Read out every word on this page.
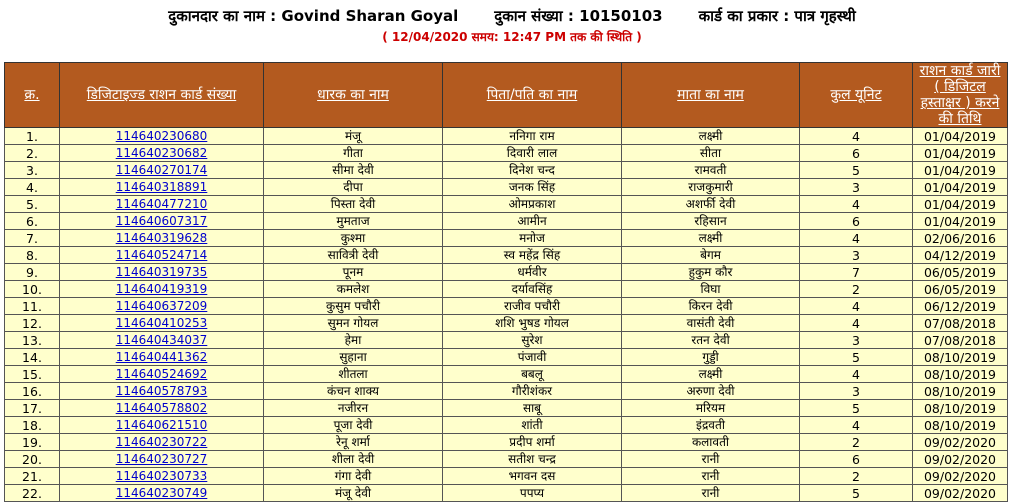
दुकानदार का नाम : Govind Sharan Goyal दुकान संख्या : 10150103 कार्ड का प्रकार : पात्र गृहस्थी
( 12/04/2020 समय: 12:47 PM तक की स्थिति )
क्र.	डिजिटाइज्ड राशन कार्ड संख्या	धारक का नाम	पिता/पति का नाम	माता का नाम	कुल यूनिट	राशन कार्ड जारी ( डिजिटल हस्ताक्षर ) करने की तिथि
1.	114640230680	मंजू	ननिगा राम	लक्ष्मी	4	01/04/2019
2.	114640230682	गीता	दिवारी लाल	सीता	6	01/04/2019
3.	114640270174	सीमा देवी	दिनेश चन्द	रामवती	5	01/04/2019
4.	114640318891	दीपा	जनक सिंह	राजकुमारी	3	01/04/2019
5.	114640477210	पिस्ता देवी	ओमप्रकाश	अशर्फी देवी	4	01/04/2019
6.	114640607317	मुमताज	आमीन	रहिसान	6	01/04/2019
7.	114640319628	कुश्मा	मनोज	लक्ष्मी	4	02/06/2016
8.	114640524714	सावित्री देवी	स्व महेंद्र सिंह	बेगम	3	04/12/2019
9.	114640319735	पूनम	धर्मवीर	हुकुम कौर	7	06/05/2019
10.	114640419319	कमलेश	दर्यावसिंह	विघा	2	06/05/2019
11.	114640637209	कुसुम पचौरी	राजीव पचौरी	किरन देवी	4	06/12/2019
12.	114640410253	सुमन गोयल	शशि भुषड गोयल	वासंती देवी	4	07/08/2018
13.	114640434037	हेमा	सुरेश	रतन देवी	3	07/08/2018
14.	114640441362	सुहाना	पंजावी	गुड्डी	5	08/10/2019
15.	114640524692	शीतला	बबलू	लक्ष्मी	4	08/10/2019
16.	114640578793	कंचन शाक्य	गौरीशंकर	अरुणा देवी	3	08/10/2019
17.	114640578802	नजीरन	साबू	मरियम	5	08/10/2019
18.	114640621510	पूजा देवी	शांती	इंद्रवती	4	08/10/2019
19.	114640230722	रेनू शर्मा	प्रदीप शर्मा	कलावती	2	09/02/2020
20.	114640230727	शीला देवी	सतीश चन्द्र	रानी	6	09/02/2020
21.	114640230733	गंगा देवी	भगवन दस	रानी	2	09/02/2020
22.	114640230749	मंजू देवी	पपप्य	रानी	5	09/02/2020
